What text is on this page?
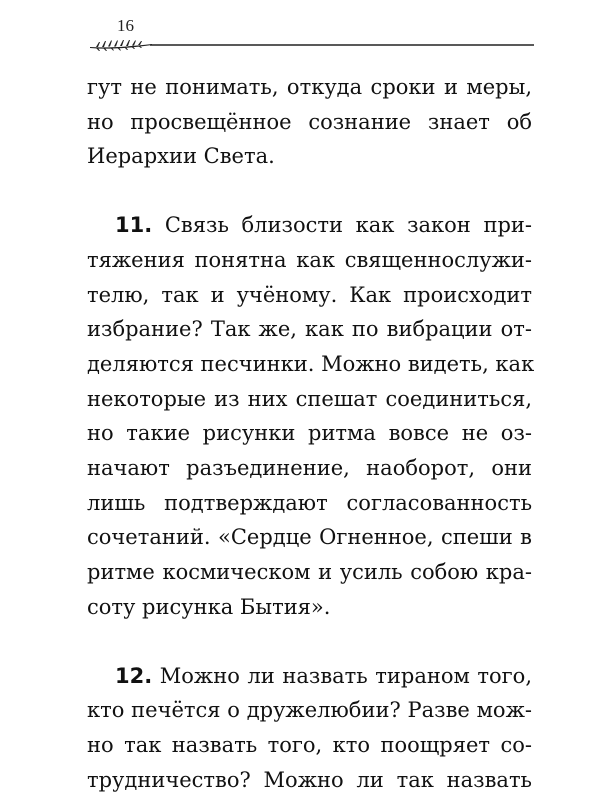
16

гут не понимать, откуда сроки и меры,
но просвещённое сознание знает об
Иерархии Света.

11. Связь близости как закон при-
тяжения понятна как священнослужи-
телю, так и учёному. Как происходит
избрание? Так же, как по вибрации от-
деляются песчинки. Можно видеть, как
некоторые из них спешат соединиться,
но такие рисунки ритма вовсе не оз-
начают разъединение, наоборот, они
лишь подтверждают согласованность
сочетаний. «Сердце Огненное, спеши в
ритме космическом и усиль собою кра-
соту рисунка Бытия».

12. Можно ли назвать тираном того,
кто печётся о дружелюбии? Разве мож-
но так назвать того, кто поощряет со-
трудничество? Можно ли так назвать
